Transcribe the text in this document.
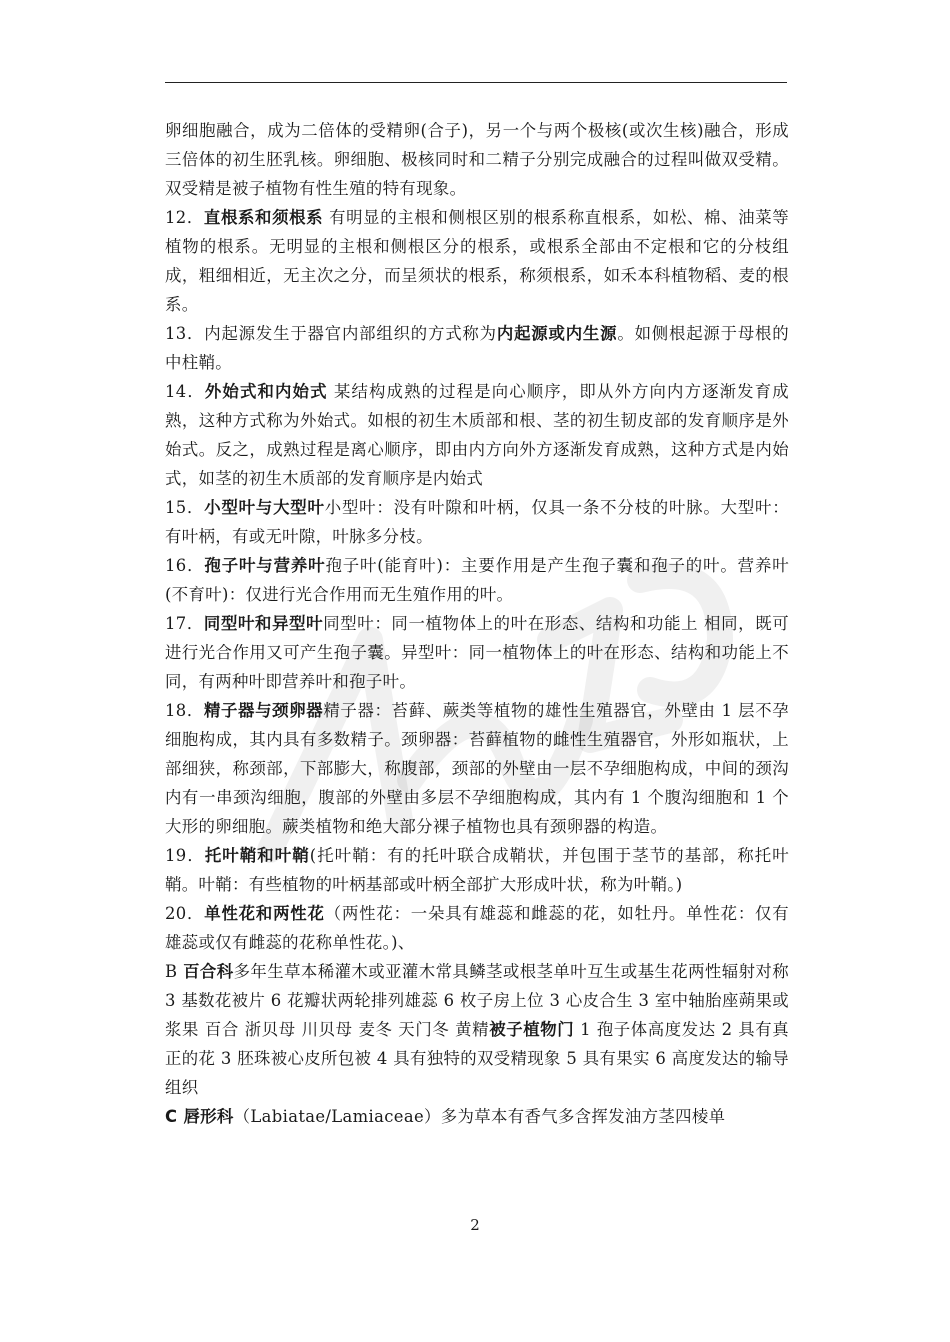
卵细胞融合，成为二倍体的受精卵(合子)，另一个与两个极核(或次生核)融合，形成三倍体的初生胚乳核。卵细胞、极核同时和二精子分别完成融合的过程叫做双受精。双受精是被子植物有性生殖的特有现象。

12．直根系和须根系 有明显的主根和侧根区别的根系称直根系，如松、棉、油菜等植物的根系。无明显的主根和侧根区分的根系，或根系全部由不定根和它的分枝组成，粗细相近，无主次之分，而呈须状的根系，称须根系，如禾本科植物稻、麦的根系。

13．内起源发生于器官内部组织的方式称为内起源或内生源。如侧根起源于母根的中柱鞘。

14．外始式和内始式 某结构成熟的过程是向心顺序，即从外方向内方逐渐发育成熟，这种方式称为外始式。如根的初生木质部和根、茎的初生韧皮部的发育顺序是外始式。反之，成熟过程是离心顺序，即由内方向外方逐渐发育成熟，这种方式是内始式，如茎的初生木质部的发育顺序是内始式

15．小型叶与大型叶小型叶：没有叶隙和叶柄，仅具一条不分枝的叶脉。大型叶：有叶柄，有或无叶隙，叶脉多分枝。

16．孢子叶与营养叶孢子叶(能育叶)：主要作用是产生孢子囊和孢子的叶。营养叶(不育叶)：仅进行光合作用而无生殖作用的叶。

17．同型叶和异型叶同型叶：同一植物体上的叶在形态、结构和功能上 相同，既可进行光合作用又可产生孢子囊。异型叶：同一植物体上的叶在形态、结构和功能上不同，有两种叶即营养叶和孢子叶。

18．精子器与颈卵器精子器：苔藓、蕨类等植物的雄性生殖器官，外壁由 1 层不孕细胞构成，其内具有多数精子。颈卵器：苔藓植物的雌性生殖器官，外形如瓶状，上部细狭，称颈部，下部膨大，称腹部，颈部的外壁由一层不孕细胞构成，中间的颈沟内有一串颈沟细胞，腹部的外壁由多层不孕细胞构成，其内有 1 个腹沟细胞和 1 个大形的卵细胞。蕨类植物和绝大部分裸子植物也具有颈卵器的构造。

19．托叶鞘和叶鞘(托叶鞘：有的托叶联合成鞘状，并包围于茎节的基部，称托叶鞘。叶鞘：有些植物的叶柄基部或叶柄全部扩大形成叶状，称为叶鞘。)

20．单性花和两性花（两性花：一朵具有雄蕊和雌蕊的花，如牡丹。单性花：仅有雄蕊或仅有雌蕊的花称单性花。)、

B 百合科多年生草本稀灌木或亚灌木常具鳞茎或根茎单叶互生或基生花两性辐射对称 3 基数花被片 6 花瓣状两轮排列雄蕊 6 枚子房上位 3 心皮合生 3 室中轴胎座蒴果或浆果 百合 浙贝母 川贝母 麦冬 天门冬 黄精被子植物门 1 孢子体高度发达 2 具有真正的花 3 胚珠被心皮所包被 4 具有独特的双受精现象 5 具有果实 6 高度发达的输导组织

C 唇形科（Labiatae/Lamiaceae）多为草本有香气多含挥发油方茎四棱单

2
